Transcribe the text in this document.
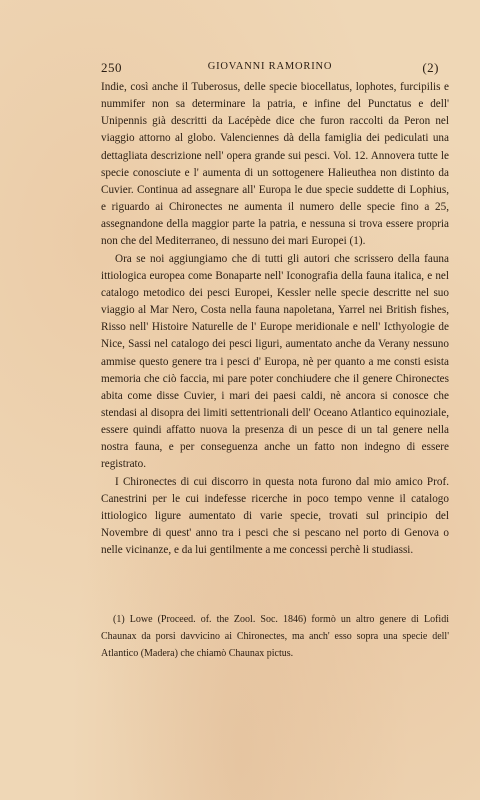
250	GIOVANNI RAMORINO	(2)

Indie, così anche il Tuberosus, delle specie biocellatus, lophotes, furcipilis e nummifer non sa determinare la patria, e infine del Punctatus e dell' Unipennis già descritti da Lacépède dice che furon raccolti da Peron nel viaggio attorno al globo. Valenciennes dà della famiglia dei pediculati una dettagliata descrizione nell' opera grande sui pesci. Vol. 12. Annovera tutte le specie conosciute e l' aumenta di un sottogenere Halieuthea non distinto da Cuvier. Continua ad assegnare all' Europa le due specie suddette di Lophius, e riguardo ai Chironectes ne aumenta il numero delle specie fino a 25, assegnandone della maggior parte la patria, e nessuna si trova essere propria non che del Mediterraneo, di nessuno dei mari Europei (1).

Ora se noi aggiungiamo che di tutti gli autori che scrissero della fauna ittiologica europea come Bonaparte nell' Iconografia della fauna italica, e nel catalogo metodico dei pesci Europei, Kessler nelle specie descritte nel suo viaggio al Mar Nero, Costa nella fauna napoletana, Yarrel nei British fishes, Risso nell' Histoire Naturelle de l' Europe meridionale e nell' Icthyologie de Nice, Sassi nel catalogo dei pesci liguri, aumentato anche da Verany nessuno ammise questo genere tra i pesci d' Europa, nè per quanto a me consti esista memoria che ciò faccia, mi pare poter conchiudere che il genere Chironectes abita come disse Cuvier, i mari dei paesi caldi, nè ancora si conosce che stendasi al disopra dei limiti settentrionali dell' Oceano Atlantico equinoziale, essere quindi affatto nuova la presenza di un pesce di un tal genere nella nostra fauna, e per conseguenza anche un fatto non indegno di essere registrato.

I Chironectes di cui discorro in questa nota furono dal mio amico Prof. Canestrini per le cui indefesse ricerche in poco tempo venne il catalogo ittiologico ligure aumentato di varie specie, trovati sul principio del Novembre di quest' anno tra i pesci che si pescano nel porto di Genova o nelle vicinanze, e da lui gentilmente a me concessi perchè li studiassi.

(1) Lowe (Proceed. of. the Zool. Soc. 1846) formò un altro genere di Lofidi Chaunax da porsi davvicino ai Chironectes, ma anch' esso sopra una specie dell' Atlantico (Madera) che chiamò Chaunax pictus.
